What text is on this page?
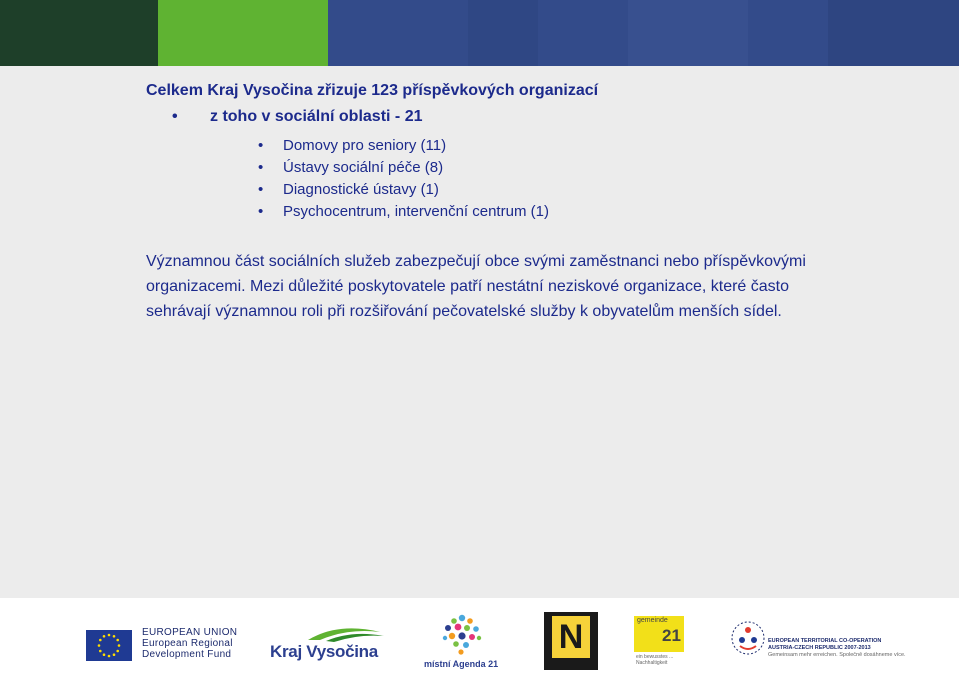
Celkem Kraj Vysočina zřizuje 123 příspěvkových organizací

• z toho v sociální oblasti - 21

• Domovy pro seniory (11)
• Ústavy sociální péče (8)
• Diagnostické ústavy (1)
• Psychocentrum, intervenční centrum (1)

Významnou část sociálních služeb zabezpečují obce svými zaměstnanci nebo příspěvkovými organizacemi. Mezi důležité poskytovatele patří nestátní neziskové organizace, které často sehrávají významnou roli při rozšiřování pečovatelské služby k obyvatelům menších sídel.

EUROPEAN UNION
European Regional
Development Fund	Kraj Vysočina
místní Agenda 21
N	gemeinde
21
ein bewusstes ... Nachhaltigkeit
EUROPEAN TERRITORIAL CO-OPERATION
AUSTRIA-CZECH REPUBLIC 2007-2013
Gemeinsam mehr erreichen. Společně dosáhneme více.
